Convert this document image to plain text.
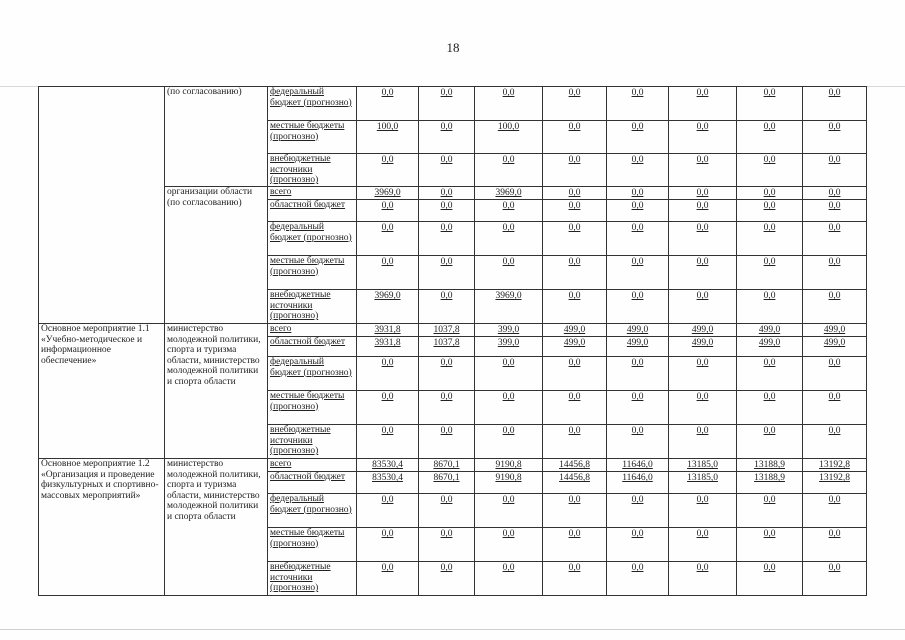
18
	(по согласованию)	федеральный бюджет (прогнозно)	0,0	0,0	0,0	0,0	0,0	0,0	0,0	0,0
		местные бюджеты (прогнозно)	100,0	0,0	100,0	0,0	0,0	0,0	0,0	0,0
		внебюджетные источники (прогнозно)	0,0	0,0	0,0	0,0	0,0	0,0	0,0	0,0
	организации области (по согласованию)	всего	3969,0	0,0	3969,0	0,0	0,0	0,0	0,0	0,0
		областной бюджет	0,0	0,0	0,0	0,0	0,0	0,0	0,0	0,0
		федеральный бюджет (прогнозно)	0,0	0,0	0,0	0,0	0,0	0,0	0,0	0,0
		местные бюджеты (прогнозно)	0,0	0,0	0,0	0,0	0,0	0,0	0,0	0,0
		внебюджетные источники (прогнозно)	3969,0	0,0	3969,0	0,0	0,0	0,0	0,0	0,0
Основное мероприятие 1.1 «Учебно-методическое и информационное обеспечение»	министерство молодежной политики, спорта и туризма области, министерство молодежной политики и спорта области	всего	3931,8	1037,8	399,0	499,0	499,0	499,0	499,0	499,0
		областной бюджет	3931,8	1037,8	399,0	499,0	499,0	499,0	499,0	499,0
		федеральный бюджет (прогнозно)	0,0	0,0	0,0	0,0	0,0	0,0	0,0	0,0
		местные бюджеты (прогнозно)	0,0	0,0	0,0	0,0	0,0	0,0	0,0	0,0
		внебюджетные источники (прогнозно)	0,0	0,0	0,0	0,0	0,0	0,0	0,0	0,0
Основное мероприятие 1.2 «Организация и проведение физкультурных и спортивно-массовых мероприятий»	министерство молодежной политики, спорта и туризма области, министерство молодежной политики и спорта области	всего	83530,4	8670,1	9190,8	14456,8	11646,0	13185,0	13188,9	13192,8
		областной бюджет	83530,4	8670,1	9190,8	14456,8	11646,0	13185,0	13188,9	13192,8
		федеральный бюджет (прогнозно)	0,0	0,0	0,0	0,0	0,0	0,0	0,0	0,0
		местные бюджеты (прогнозно)	0,0	0,0	0,0	0,0	0,0	0,0	0,0	0,0
		внебюджетные источники (прогнозно)	0,0	0,0	0,0	0,0	0,0	0,0	0,0	0,0
